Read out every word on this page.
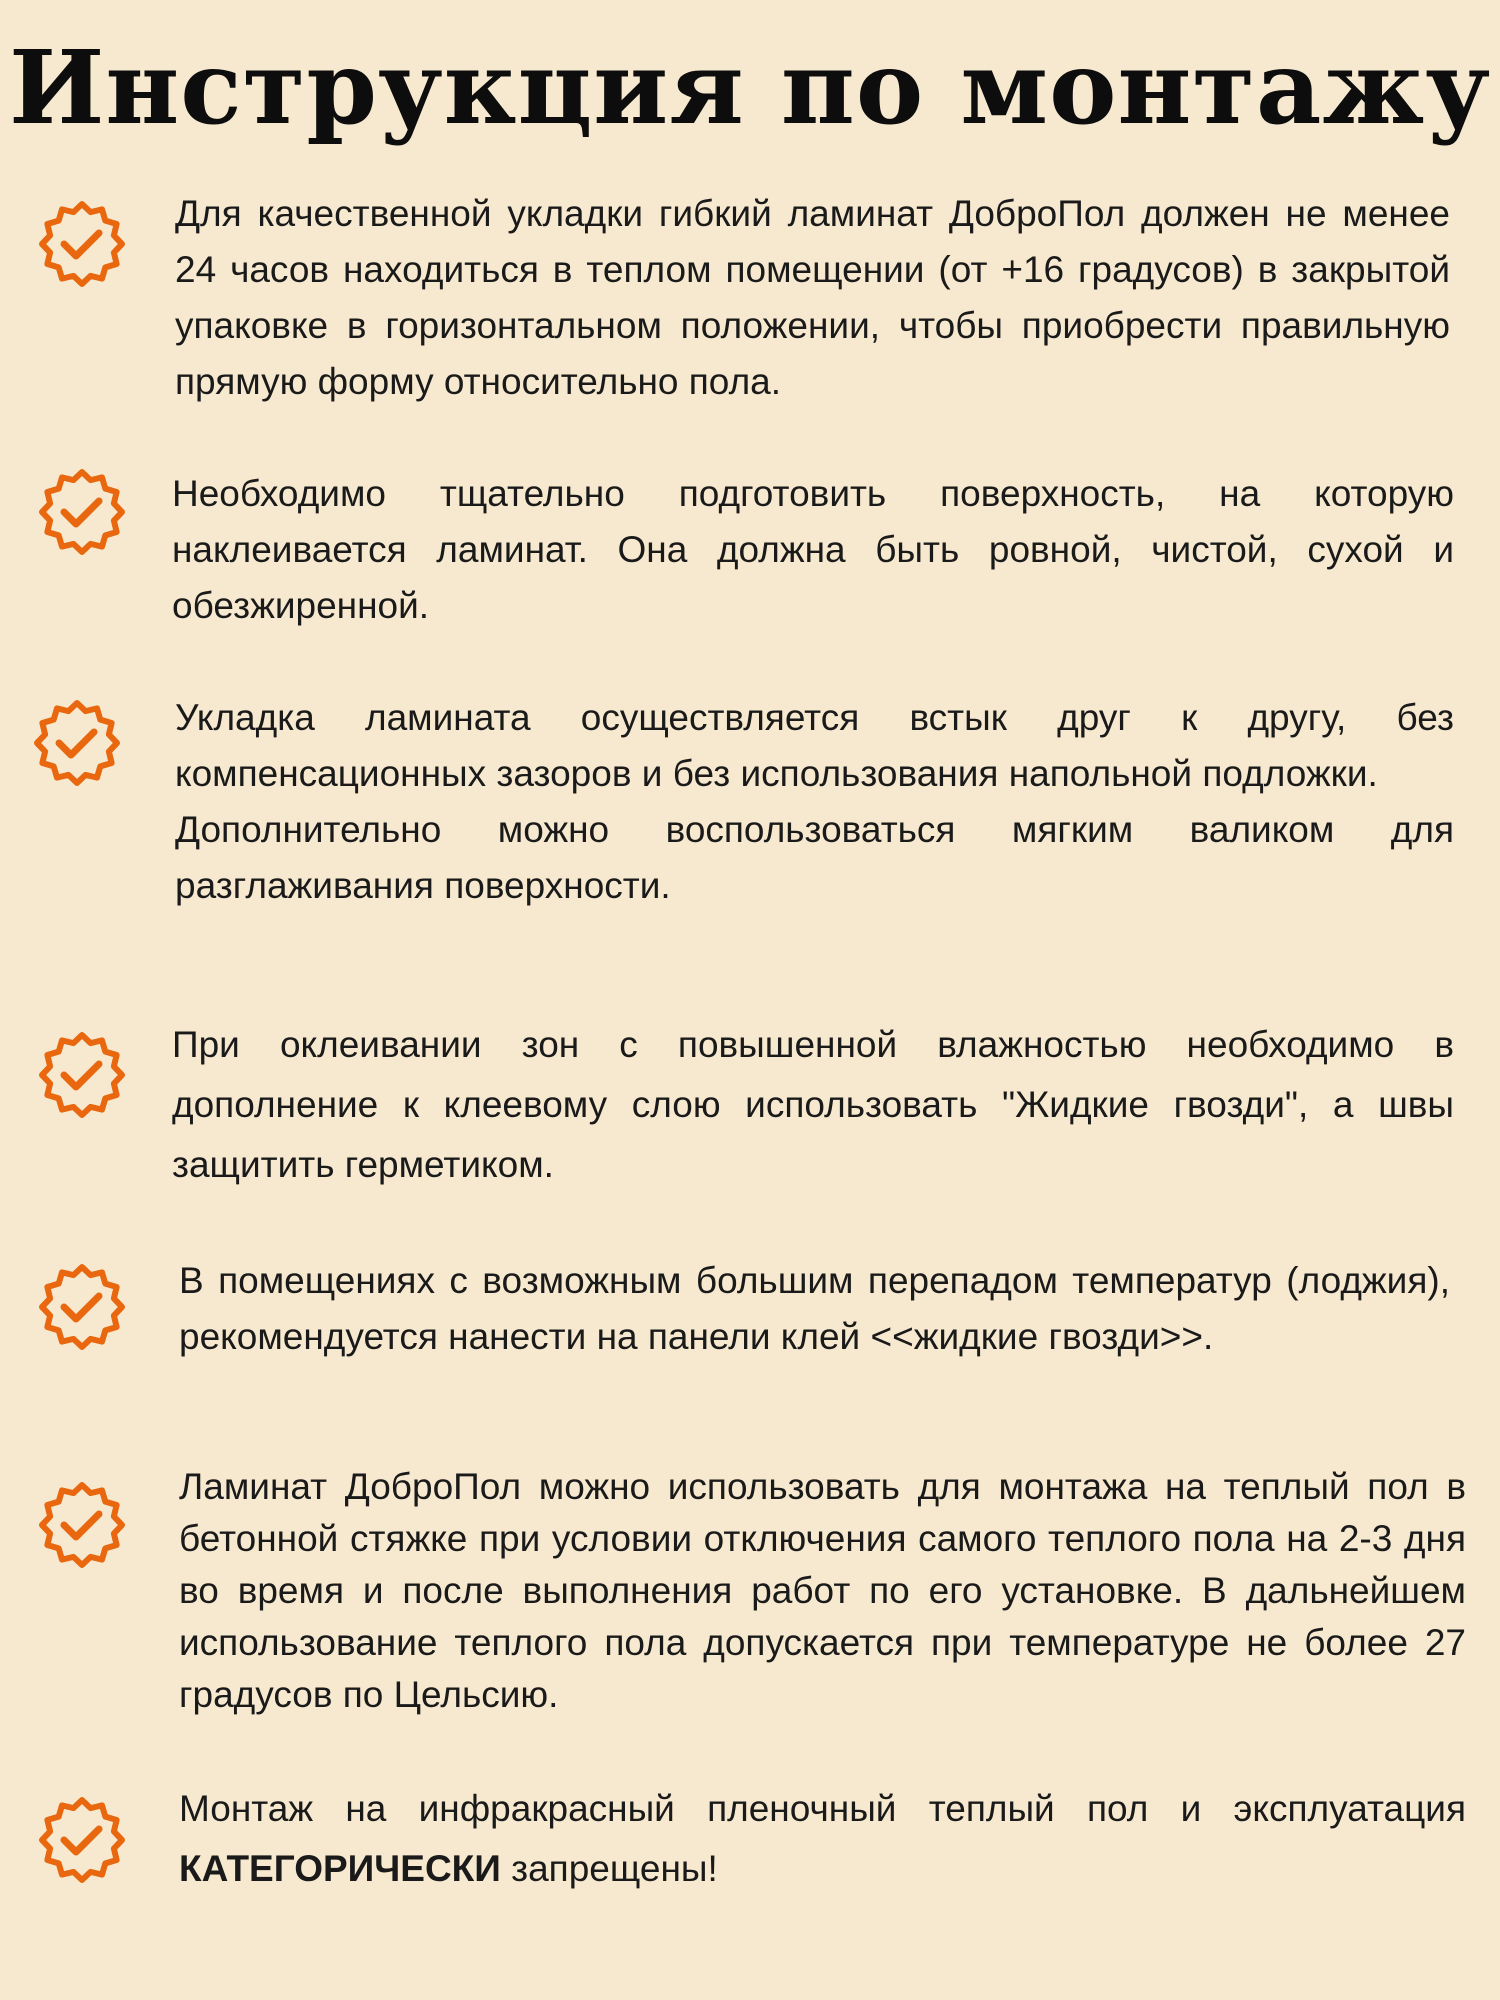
Инструкция по монтажу

Для качественной укладки гибкий ламинат ДоброПол должен не менее 24 часов находиться в теплом помещении (от +16 градусов) в закрытой упаковке в горизонтальном положении, чтобы приобрести правильную прямую форму относительно пола.

Необходимо тщательно подготовить поверхность, на которую наклеивается ламинат. Она должна быть ровной, чистой, сухой и обезжиренной.

Укладка ламината осуществляется встык друг к другу, без компенсационных зазоров и без использования напольной подложки.

Дополнительно можно воспользоваться мягким валиком для разглаживания поверхности.

При оклеивании зон с повышенной влажностью необходимо в дополнение к клеевому слою использовать "Жидкие гвозди", а швы защитить герметиком.

В помещениях с возможным большим перепадом температур (лоджия), рекомендуется нанести на панели клей <<жидкие гвозди>>.

Ламинат ДоброПол можно использовать для монтажа на теплый пол в бетонной стяжке при условии отключения самого теплого пола на 2-3 дня во время и после выполнения работ по его установке. В дальнейшем использование теплого пола допускается при температуре не более 27 градусов по Цельсию.

Монтаж на инфракрасный пленочный теплый пол и эксплуатация КАТЕГОРИЧЕСКИ запрещены!
